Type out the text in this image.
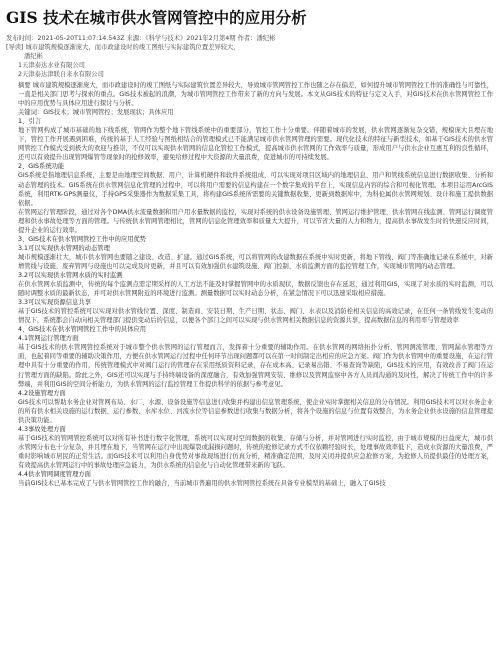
GIS 技术在城市供水管网管控中的应用分析
发布时间：2021-05-20T11:07:14.543Z 来源：《科学与技术》2021年2月第4期 作者：潘纪彬
[导读] 城市建筑规模逐渐庞大，而市政建设时的竣工图纸与实际建筑位置差异较大，
潘纪彬
1天津泰达水业有限公司
2天津泰达津联自来水有限公司
摘要 城市建筑规模逐渐庞大，而市政建设时的竣工图纸与实际建筑位置差异较大，导致城市管网管控工作也随之存在偏差，如何提升城市管网管控工作的准确性与可靠性，一直是相关部门思考与探索的重点。GIS技术被起的浪潮，为城市管网管控工作带来了新的方向与发展。本文从GIS技术的特征与定义入手，对GIS技术在供水管网管控工作中的应用优势与具体应用进行探讨与分析。
关键词：GIS技术；城市管网管控；发展现状；具体应用
1、引言
地下管网构成了城市基础的地下线系统，管网作为整个地下管线系统中的重要部分，管控工作十分重要。伴随着城市的发展，供水管网逐渐复杂交错，规模庞大且埋在地下，管控工作开展遇到困难，传统的基于人工经验与图纸相结合的管理模式已不能满足城市供水管网管理的需要。现代化技术的特征与新型技术，如基于GIS技术的供水管网管控工作模式受到极大的欢迎与推崇，不仅可以实现供水管网的信息化管控工作模式，提高城市供水管网的工作效率与质量，形成用户与供水企业互惠互利的良性循环，还可以有效提升出现管网爆管等现象时的抢修效率，避免给修过程中大资源的大量浪费，促进城市的可持续发展。
2、GIS系统功能
GIS系统是指地理信息系统，主要是由地理空间数据、用户、计算机硬件和软件系统组成，可以实现对项目区域内的地理信息、用户和管线系统信息进行数据收集、分析和动态管理的技术。GIS系统在供水管网信息化管理的过程中，可以将用户需要的信息构建在一个数字集成的平台上，实现信息内容的综合和可视化管理。本项目运用ArcGIS系统，利用RTK-GPS测量仪，手持GPS采集器作为数据采集工具，将构建GIS系统所需要的关键数据收集、更新到数据库中，为科伦属供水管网规划、设计和施工提供数据依据。
在管网运行管理阶段，通过对各个DMA供水流量数据和用户用水量数据的监控，实现对系统的供水设备设施管理、管网运行维护管理、供水管网在线监测、管网运行调度管理和供水事故处理等方面的管理。与传统供水管网管理相比，管网的信息化管理效率和质量大大提升，可以节省大量的人力和物力，提高供水事故发生时的快速反应时间，提升企业的运行效率。
3、GIS技术在供水管网管控工作中的应用优势
3.1可以实现供水管网的动态管理
城市规模逐渐壮大，城市供水管网也要随之建设、改造、扩建。通过GIS系统，可以将管网的改建数据在系统中实时更新，将地下管线、阀门等准确地记录在系统中，对新增管线与设施、废弃管网与设施也可以完成及时更新，并且可以有效加强供水建筑设施、阀门控制、水质监测方面的监控管理工作，实现城市管网的动态管理。
3.2可以实现供水管网水质的实时监测
在供水管网水质监测中，传统的每个监测点需定期采样的人工方法不能及时掌握管网中的水质现状，数据反馈也存在延迟，通过利用GIS，实现了对水质的实时监测，可以随时调整水质的最新状态，并可对供水管网附近的环境进行监测。测量数据可以实时动态分析，在紧急情况下可以迅速采取相应措施。
3.3可以实现资源信息共享
基于GIS技术的管控系统可以实现对供水管线位置、深度、制造商、安装日期、生产日期、状态、阀门、水表以及消防栓相关信息的高效记录，在任何一条管线发生变动的情况下，系统都会自动向相关管理部门提供变动后的信息，以便各个部门之间可以实现与供水管网相关数据信息的资源共享，提高数据信息的利用率与管理效率
4、GIS技术在供水管网管控工作中的具体应用
4.1管网运行管理方面
基于GIS技术的供水管网管控系统对于城市整个供水管网的运行管理而言，发挥着十分重要的辅助作用。在供水管网的网络拓扑分析、管网测流管理、管网漏水管理等方面，也起着同等重要的辅助决策作用，方便在供水管网运行过程中任何环节出现问题都可以在第一时间制定出相应的应急方案。阀门作为供水管网中的重要设施，在运行管理中具有十分重要的作用，传统管理模式中对阀门运行的管理存在采用纸质资料记录，存在成本高、记录易出错、不易查询等缺陷，GIS技术的应用，有效改善了阀门在运行管理方面的缺陷。除此之外，GIS还可以实现与手持终端设备的深度融合，有效加强管网安装、维修以及管网监察中各方人员间沟通的及时性，解决了传统工作中的许多弊端，并利用GIS的空间分析能力，为供水管网的运行监控管理工作提供科学的依据与参考意见。
4.2设施管理方面
GIS技术可以帮助水务企业对管网布局、水厂、水源、设备设施等信息进行收集并构建出信息管理系统，使企业实时掌握相关信息的分布情况。利用GIS技术可以对水务企业的所有供水相关设施的运行数据、运行参数、水库水位、河流水位等信息参数进行收集与数据分析，将各个设施的信息与位置有效整合，为水务企业供水设施的信息管理提供决策功能。
4.3事故处理方面
基于GIS技术的管网管控系统可以对所有补书进行数字化管理，系统可以实现对空间数据的收集、存储与分析，并对管网进行实时监控，由于城市规模的日益庞大，城市供水管网分布也十分复杂，并且埋在地下，当管网在运行中出现爆裂或漏损问题时，传统的抢修记录方式不仅依赖经验时长，处理事故效率低下，造成水资源的大量浪费，严重时影响城市居民的正常生活。而GIS技术可以利用自身优势对事故现场进行仿真分析，精准确定范围，及时关闭并提供应急抢修方案，为抢修人员提供最佳的处理方案，有效提高供水管网运行中的事故处理应急能力，为供水系统的信息化与自动化管理带来新的飞跃。
4.4供水管网调度管理方面
当前GIS技术已基本完成了与供水管网管控工作的融合，当前城市普遍用的供水管网管控系统在具备专业模型的基础上，融入了GIS技
